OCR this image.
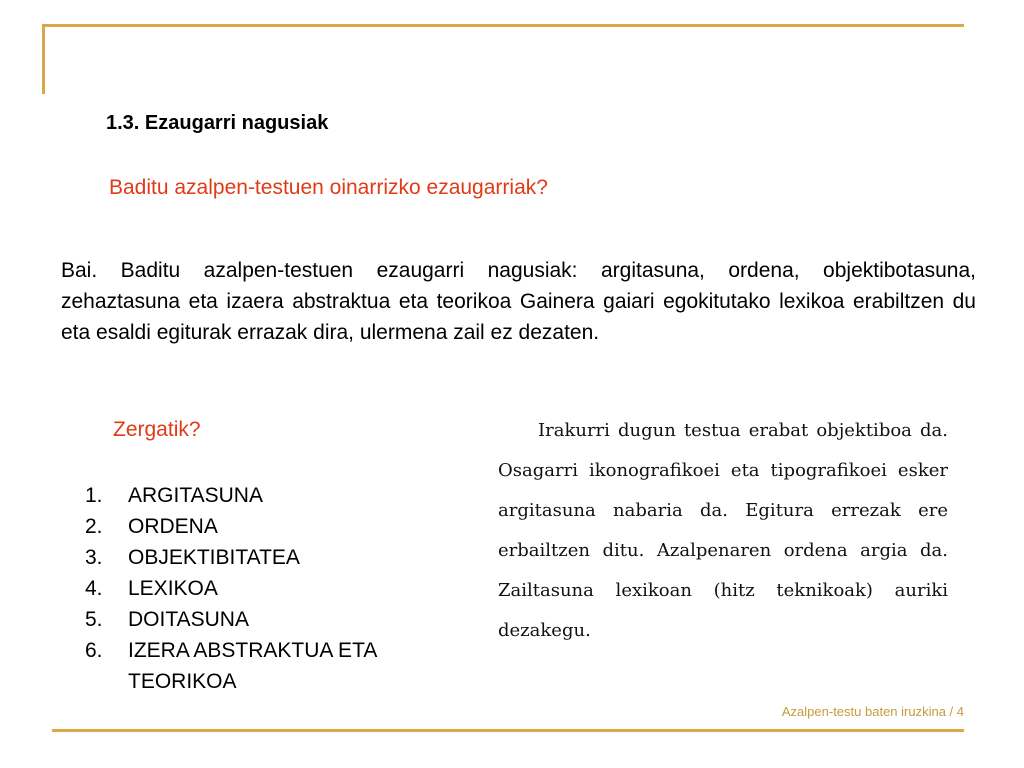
1.3. Ezaugarri nagusiak
Baditu azalpen-testuen oinarrizko ezaugarriak?
Bai. Baditu azalpen-testuen ezaugarri nagusiak: argitasuna, ordena, objektibotasuna, zehaztasuna eta izaera abstraktua eta teorikoa Gainera gaiari egokitutako lexikoa erabiltzen du eta esaldi egiturak errazak dira, ulermena zail ez dezaten.
Zergatik?
1.	ARGITASUNA
2.	ORDENA
3.	OBJEKTIBITATEA
4.	LEXIKOA
5.	DOITASUNA
6.	IZERA ABSTRAKTUA ETA TEORIKOA
Irakurri dugun testua erabat objektiboa da. Osagarri ikonografikoei eta tipografikoei esker argitasuna nabaria da. Egitura errezak ere erbailtzen ditu. Azalpenaren ordena argia da. Zailtasuna lexikoan (hitz teknikoak) auriki dezakegu.
Azalpen-testu baten iruzkina / 4
